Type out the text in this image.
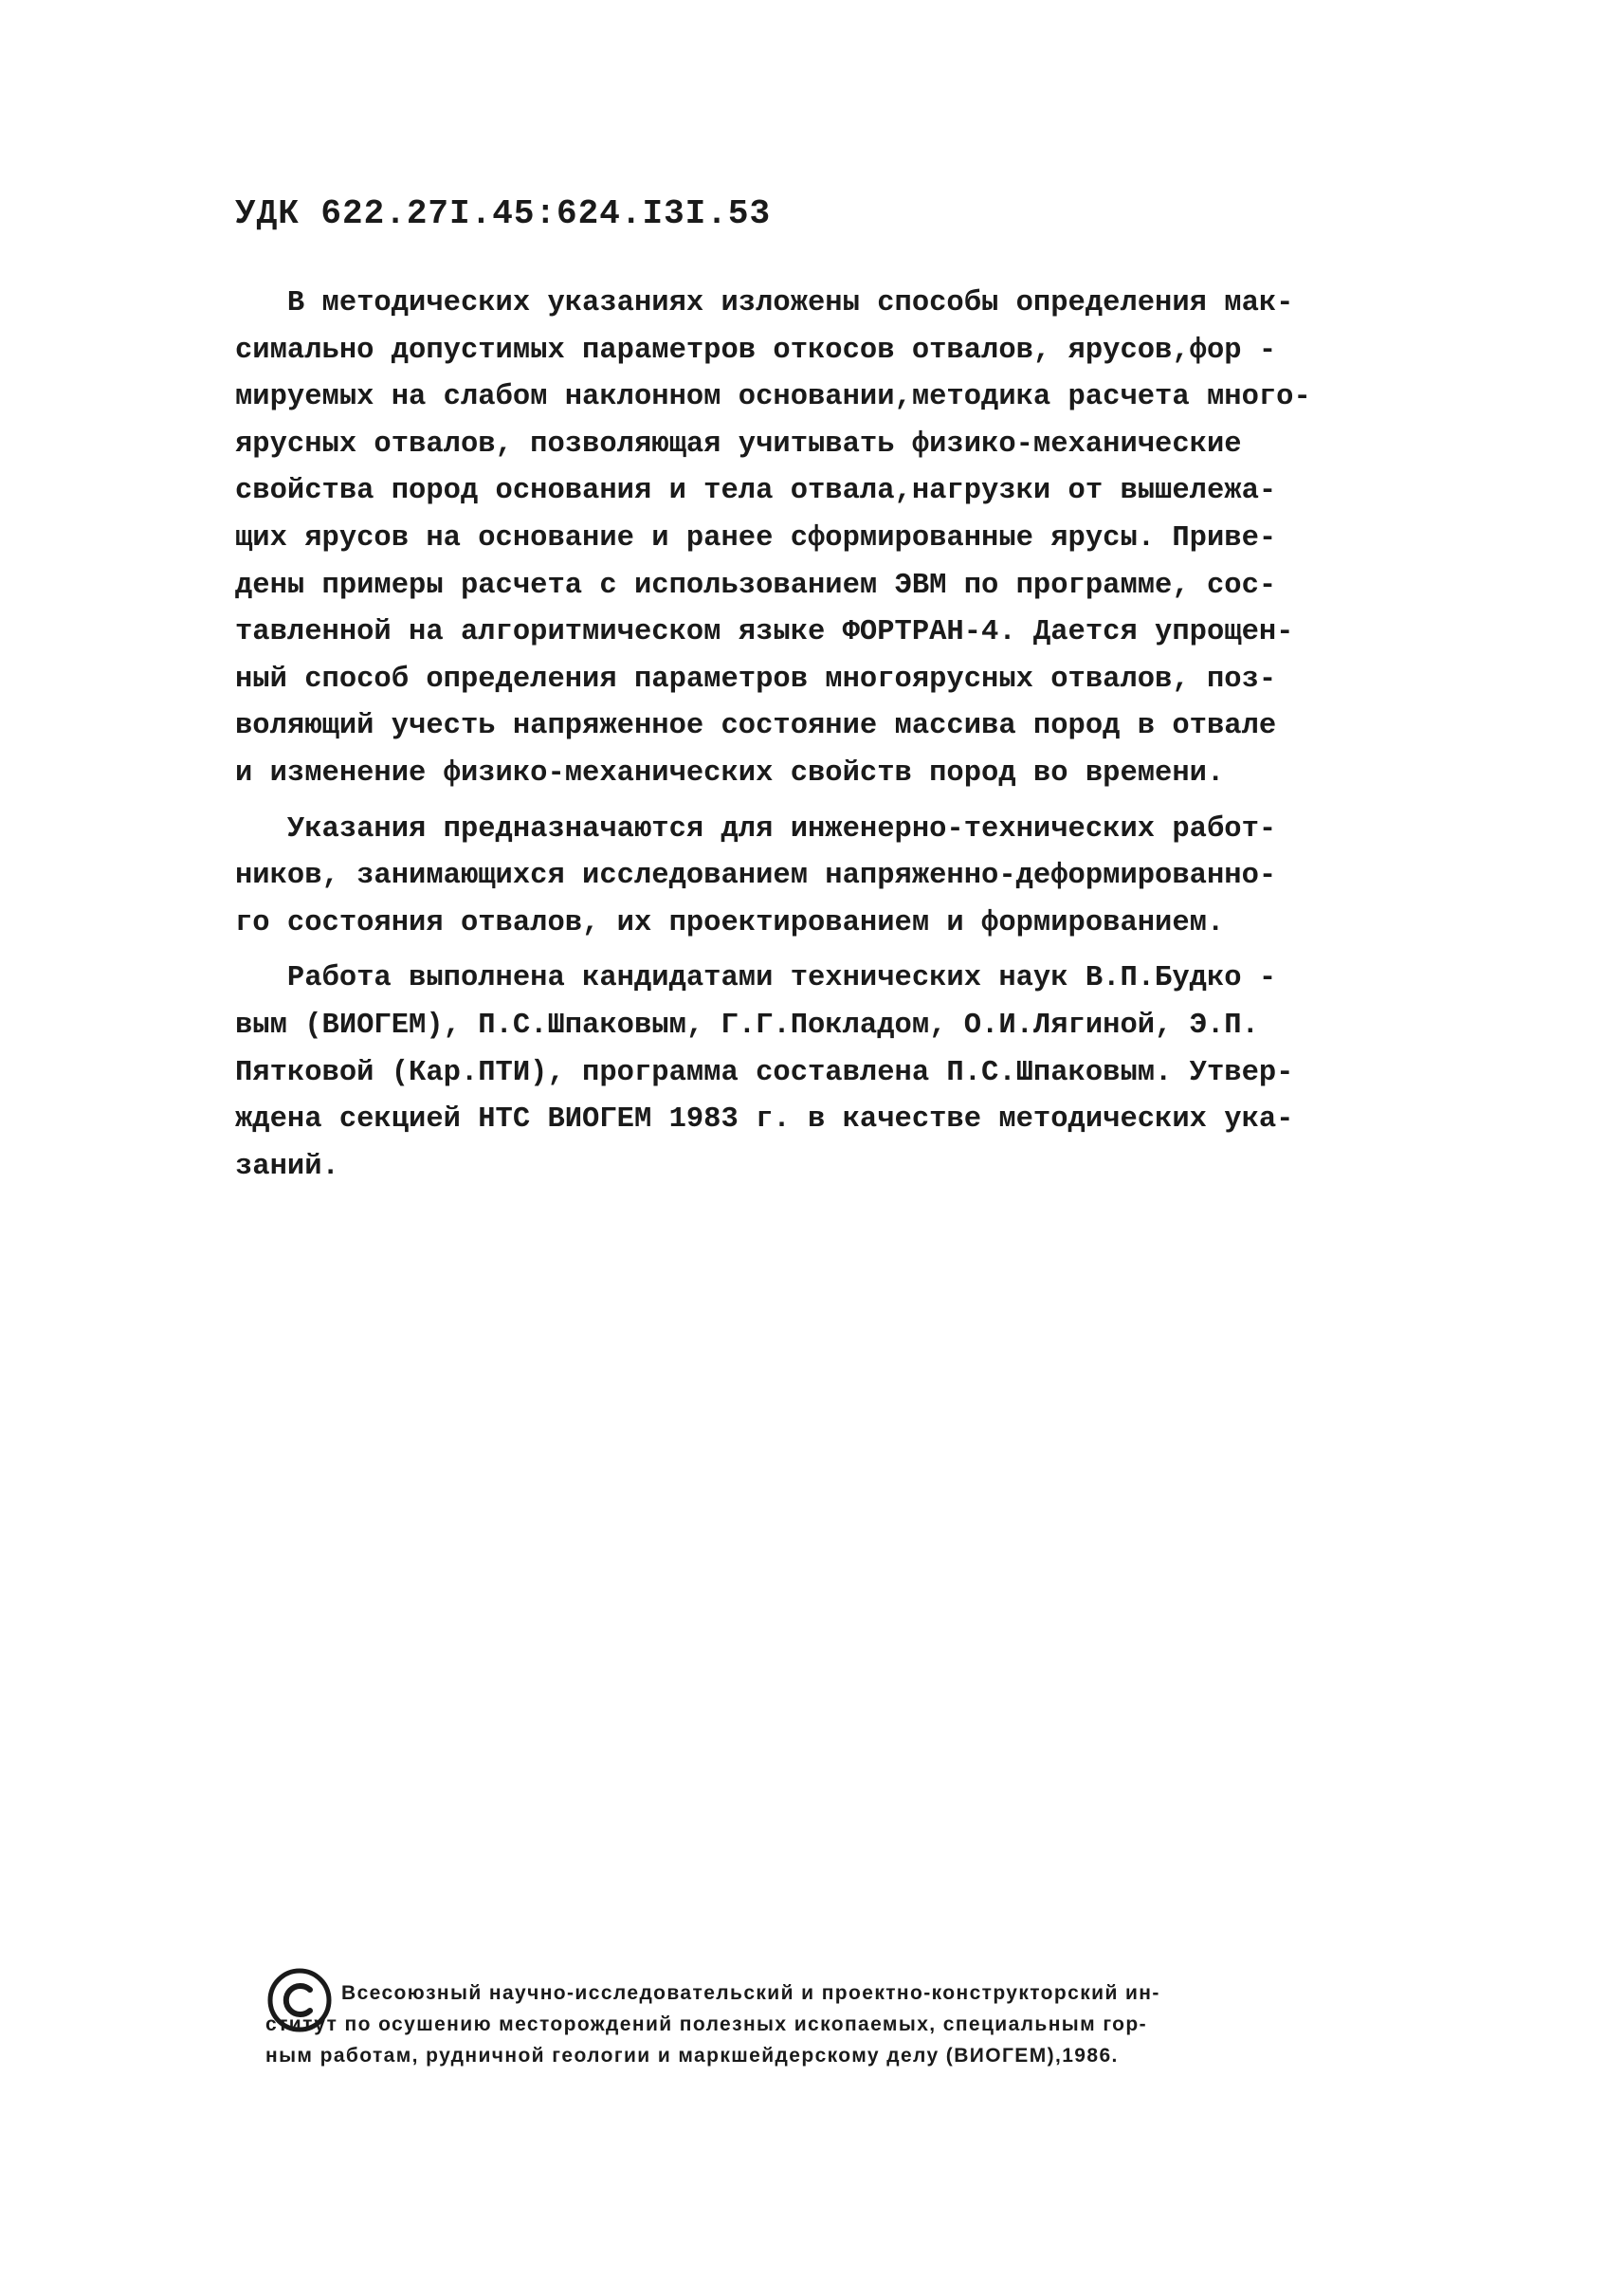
УДК 622.27I.45:624.I3I.53

В методических указаниях изложены способы определения мак-
симально допустимых параметров откосов отвалов, ярусов,фор -
мируемых на слабом наклонном основании,методика расчета много-
ярусных отвалов, позволяющая учитывать физико-механические
свойства пород основания и тела отвала,нагрузки от вышележа-
щих ярусов на основание и ранее сформированные ярусы. Приве-
дены примеры расчета с использованием ЭВМ по программе, сос-
тавленной на алгоритмическом языке ФОРТРАН-4. Дается упрощен-
ный способ определения параметров многоярусных отвалов, поз-
воляющий учесть напряженное состояние массива пород в отвале
и изменение физико-механических свойств пород во времени.

Указания предназначаются для инженерно-технических работ-
ников, занимающихся исследованием напряженно-деформированно-
го состояния отвалов, их проектированием и формированием.

Работа выполнена кандидатами технических наук В.П.Будко -
вым (ВИОГЕМ), П.С.Шпаковым, Г.Г.Покладом, О.И.Лягиной, Э.П.
Пятковой (Кар.ПТИ), программа составлена П.С.Шпаковым. Утвер-
ждена секцией НТС ВИОГЕМ 1983 г. в качестве методических ука-
заний.

Всесоюзный научно-исследовательский и проектно-конструкторский ин-
ститут по осушению месторождений полезных ископаемых, специальным гор-
ным работам, рудничной геологии и маркшейдерскому делу (ВИОГЕМ),1986.
